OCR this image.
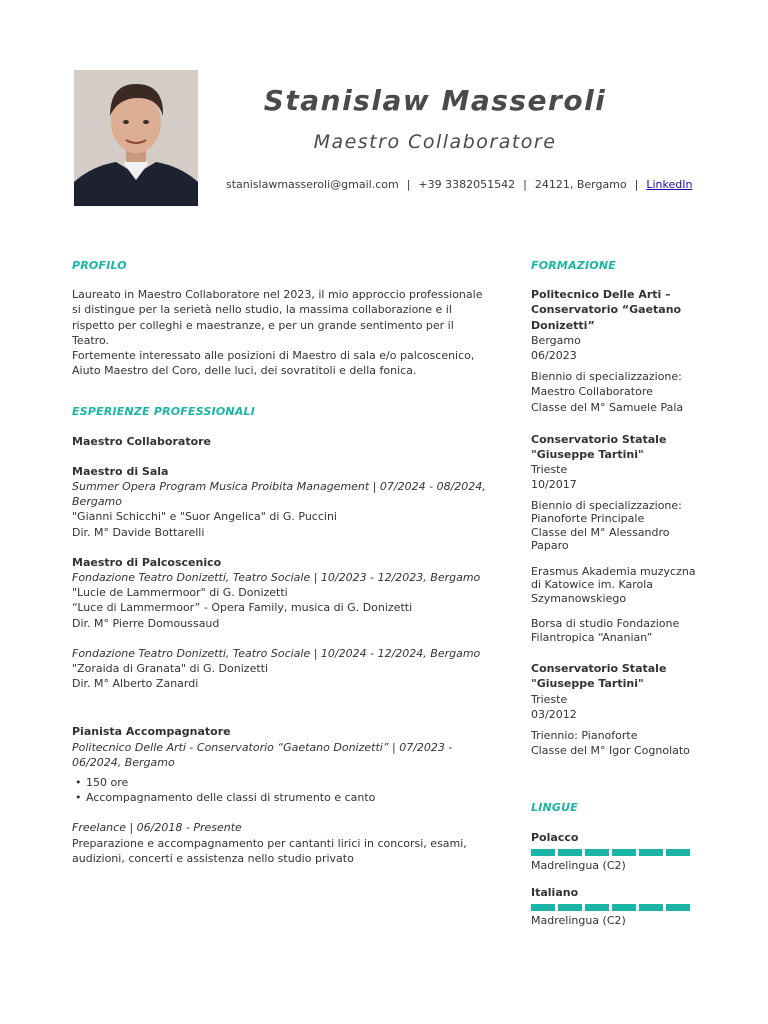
Stanislaw Masseroli
Maestro Collaboratore
stanislawmasseroli@gmail.com | +39 3382051542 | 24121, Bergamo | LinkedIn
PROFILO

Laureato in Maestro Collaboratore nel 2023, il mio approccio professionale si distingue per la serietà nello studio, la massima collaborazione e il rispetto per colleghi e maestranze, e per un grande sentimento per il Teatro.

Fortemente interessato alle posizioni di Maestro di sala e/o palcoscenico, Aiuto Maestro del Coro, delle luci, dei sovratitoli e della fonica.

ESPERIENZE PROFESSIONALI

Maestro Collaboratore

Maestro di Sala

Summer Opera Program Musica Proibita Management | 07/2024 - 08/2024, Bergamo

"Gianni Schicchi" e "Suor Angelica" di G. Puccini

Dir. M° Davide Bottarelli

Maestro di Palcoscenico

Fondazione Teatro Donizetti, Teatro Sociale | 10/2023 - 12/2023, Bergamo

"Lucie de Lammermoor" di G. Donizetti

“Luce di Lammermoor” - Opera Family, musica di G. Donizetti

Dir. M° Pierre Domoussaud

Fondazione Teatro Donizetti, Teatro Sociale | 10/2024 - 12/2024, Bergamo

"Zoraida di Granata" di G. Donizetti

Dir. M° Alberto Zanardi

Pianista Accompagnatore

Politecnico Delle Arti - Conservatorio “Gaetano Donizetti” | 07/2023 - 06/2024, Bergamo

• 150 ore
• Accompagnamento delle classi di strumento e canto

Freelance | 06/2018 - Presente

Preparazione e accompagnamento per cantanti lirici in concorsi, esami, audizioni, concerti e assistenza nello studio privato

FORMAZIONE

Politecnico Delle Arti – Conservatorio “Gaetano Donizetti”

Bergamo

06/2023

Biennio di specializzazione:

Maestro Collaboratore

Classe del M° Samuele Pala

Conservatorio Statale "Giuseppe Tartini"

Trieste

10/2017

Biennio di specializzazione:

Pianoforte Principale

Classe del M° Alessandro Paparo

Erasmus Akademia muzyczna di Katowice im. Karola Szymanowskiego

Borsa di studio Fondazione Filantropica “Ananian”

Conservatorio Statale "Giuseppe Tartini"

Trieste

03/2012

Triennio: Pianoforte

Classe del M° Igor Cognolato

LINGUE

Polacco

Madrelingua (C2)

Italiano

Madrelingua (C2)
